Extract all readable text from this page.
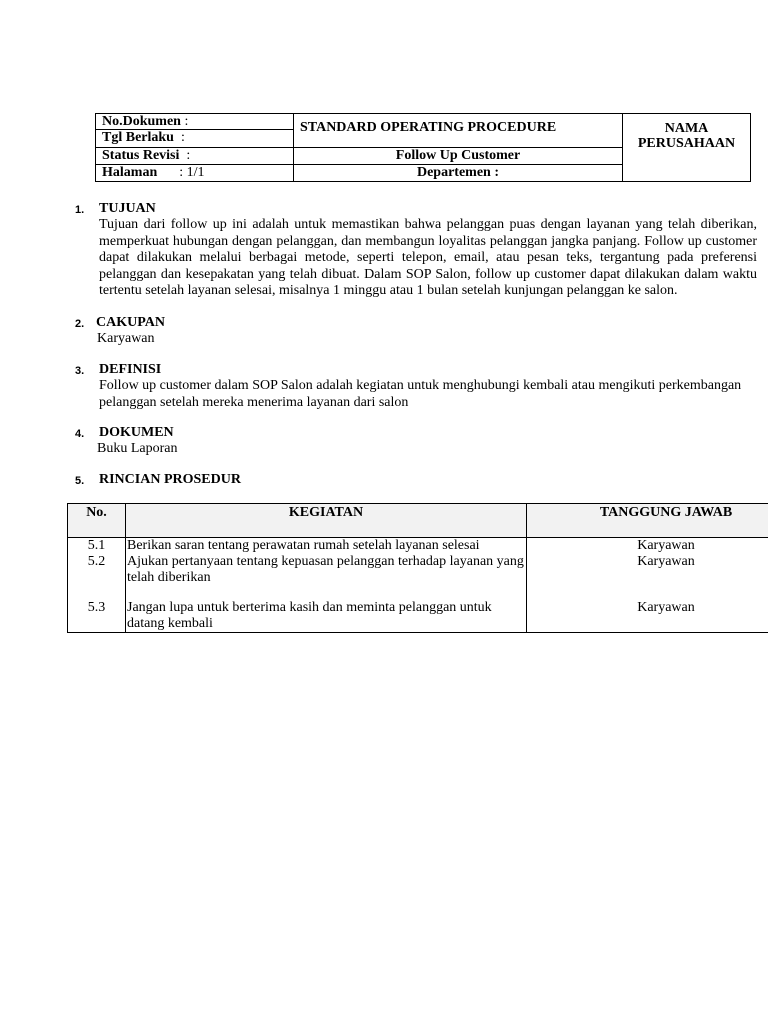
No.Dokumen :	STANDARD OPERATING PROCEDURE	NAMA
PERUSAHAAN

Tgl Berlaku :		
Status Revisi :	Follow Up Customer	
Halaman : 1/1	Departemen :	
1. TUJUAN
Tujuan dari follow up ini adalah untuk memastikan bahwa pelanggan puas dengan layanan yang telah diberikan, memperkuat hubungan dengan pelanggan, dan membangun loyalitas pelanggan jangka panjang. Follow up customer dapat dilakukan melalui berbagai metode, seperti telepon, email, atau pesan teks, tergantung pada preferensi pelanggan dan kesepakatan yang telah dibuat. Dalam SOP Salon, follow up customer dapat dilakukan dalam waktu tertentu setelah layanan selesai, misalnya 1 minggu atau 1 bulan setelah kunjungan pelanggan ke salon.
2. CAKUPAN
Karyawan
3. DEFINISI
Follow up customer dalam SOP Salon adalah kegiatan untuk menghubungi kembali atau mengikuti perkembangan pelanggan setelah mereka menerima layanan dari salon
4. DOKUMEN
Buku Laporan
5. RINCIAN PROSEDUR
No.	KEGIATAN	TANGGUNG JAWAB
5.1	Berikan saran tentang perawatan rumah setelah layanan selesai	Karyawan
5.2	Ajukan pertanyaan tentang kepuasan pelanggan terhadap layanan yang telah diberikan	Karyawan
5.3	Jangan lupa untuk berterima kasih dan meminta pelanggan untuk datang kembali	Karyawan
